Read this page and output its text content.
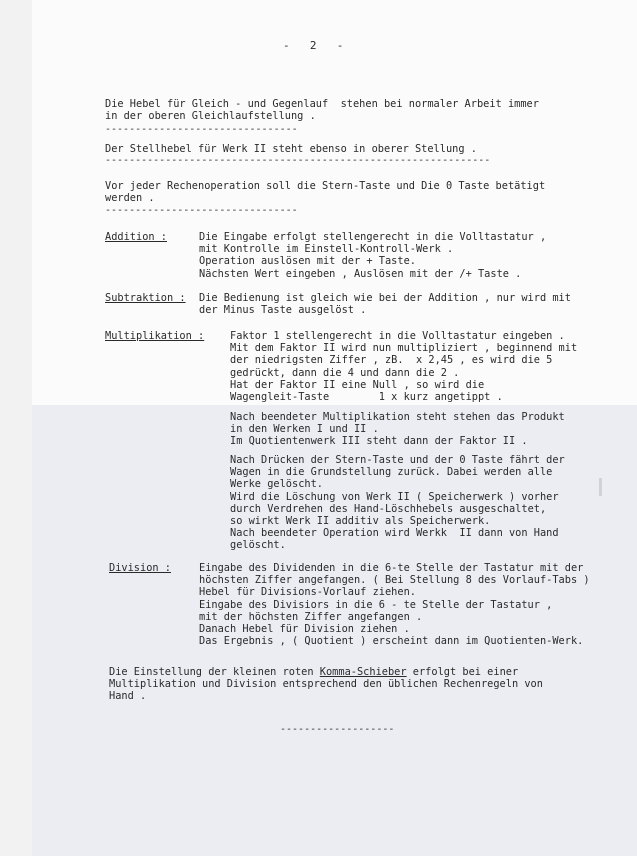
-   2   -
Die Hebel für Gleich - und Gegenlauf  stehen bei normaler Arbeit immer
in der oberen Gleichlaufstellung .
--------------------------------
Der Stellhebel für Werk II steht ebenso in oberer Stellung .
----------------------------------------------------------------
Vor jeder Rechenoperation soll die Stern-Taste und Die 0 Taste betätigt
werden .
--------------------------------
Addition :	Die Eingabe erfolgt stellengerecht in die Volltastatur ,
mit Kontrolle im Einstell-Kontroll-Werk .
Operation auslösen mit der + Taste.
Nächsten Wert eingeben , Auslösen mit der /+ Taste .
Subtraktion : Die Bedienung ist gleich wie bei der Addition , nur wird mit
der Minus Taste ausgelöst .
Multiplikation :	Faktor 1 stellengerecht in die Volltastatur eingeben .
Mit dem Faktor II wird nun multipliziert , beginnend mit
der niedrigsten Ziffer , zB.  x 2,45 , es wird die 5
gedrückt, dann die 4 und dann die 2 .
Hat der Faktor II eine Null , so wird die
Wagengleit-Taste        1 x kurz angetippt .
Nach beendeter Multiplikation steht stehen das Produkt
in den Werken I und II .
Im Quotientenwerk III steht dann der Faktor II .
Nach Drücken der Stern-Taste und der 0 Taste fährt der
Wagen in die Grundstellung zurück. Dabei werden alle
Werke gelöscht.
Wird die Löschung von Werk II ( Speicherwerk ) vorher
durch Verdrehen des Hand-Löschhebels ausgeschaltet,
so wirkt Werk II additiv als Speicherwerk.
Nach beendeter Operation wird Werkk  II dann von Hand
gelöscht.
Division :	Eingabe des Dividenden in die 6-te Stelle der Tastatur mit der
höchsten Ziffer angefangen. ( Bei Stellung 8 des Vorlauf-Tabs )
Hebel für Divisions-Vorlauf ziehen.
Eingabe des Divisiors in die 6 - te Stelle der Tastatur ,
mit der höchsten Ziffer angefangen .
Danach Hebel für Division ziehen .
Das Ergebnis , ( Quotient ) erscheint dann im Quotienten-Werk.
Die Einstellung der kleinen roten Komma-Schieber erfolgt bei einer
Multiplikation und Division entsprechend den üblichen Rechenregeln von
Hand .
-------------------
